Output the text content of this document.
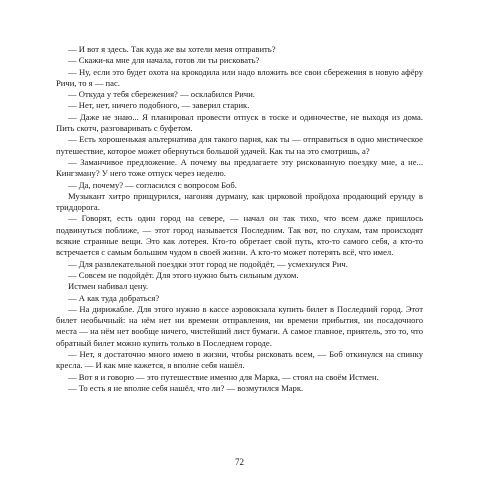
— И вот я здесь. Так куда же вы хотели меня отправить?

— Скажи-ка мне для начала, готов ли ты рисковать?

— Ну, если это будет охота на крокодила или надо вложить все свои сбережения в новую афёру Ричи, то я — пас.

— Откуда у тебя сбережения? — осклабился Ричи.

— Нет, нет, ничего подобного, — заверил старик.

— Даже не знаю... Я планировал провести отпуск в тоске и одиночестве, не выходя из дома. Пить скотч, разговаривать с буфетом.

— Есть хорошенькая альтернатива для такого парня, как ты — отправиться в одно мистическое путешествие, которое может обернуться большой удачей. Как ты на это смотришь, а?

— Заманчивое предложение. А почему вы предлагаете эту рискованную поездку мне, а не... Кингзману? У него тоже отпуск через неделю.

— Да, почему? — согласился с вопросом Боб.

Музыкант хитро прищурился, нагоняя дурману, как цирковой пройдоха продающий ерунду в триддорога.

— Говорят, есть один город на севере, — начал он так тихо, что всем даже пришлось подвинуться поближе, — этот город называется Последним. Так вот, по слухам, там происходят всякие странные вещи. Это как лотерея. Кто-то обретает свой путь, кто-то самого себя, а кто-то встречается с самым большим чудом в своей жизни. А кто-то может потерять всё, что имел.

— Для развлекательной поездки этот город не подойдёт, — усмехнулся Рич.

— Совсем не подойдёт. Для этого нужно быть сильным духом.

Истмен набивал цену.

— А как туда добраться?

— На дирижабле. Для этого нужно в кассе аэровокзала купить билет в Последний город. Этот билет необычный: на нём нет ни времени отправления, ни времени прибытия, ни посадочного места — на нём нет вообще ничего, чистейший лист бумаги. А самое главное, приятель, это то, что обратный билет можно купить только в Последнем городе.

— Нет, я достаточно много имею в жизни, чтобы рисковать всем, — Боб откинулся на спинку кресла. — И как мне кажется, я вполне себя нашёл.

— Вот я и говорю — это путешествие именно для Марка, — стоял на своём Истмен.

— То есть я не вполне себя нашёл, что ли? — возмутился Марк.

72
